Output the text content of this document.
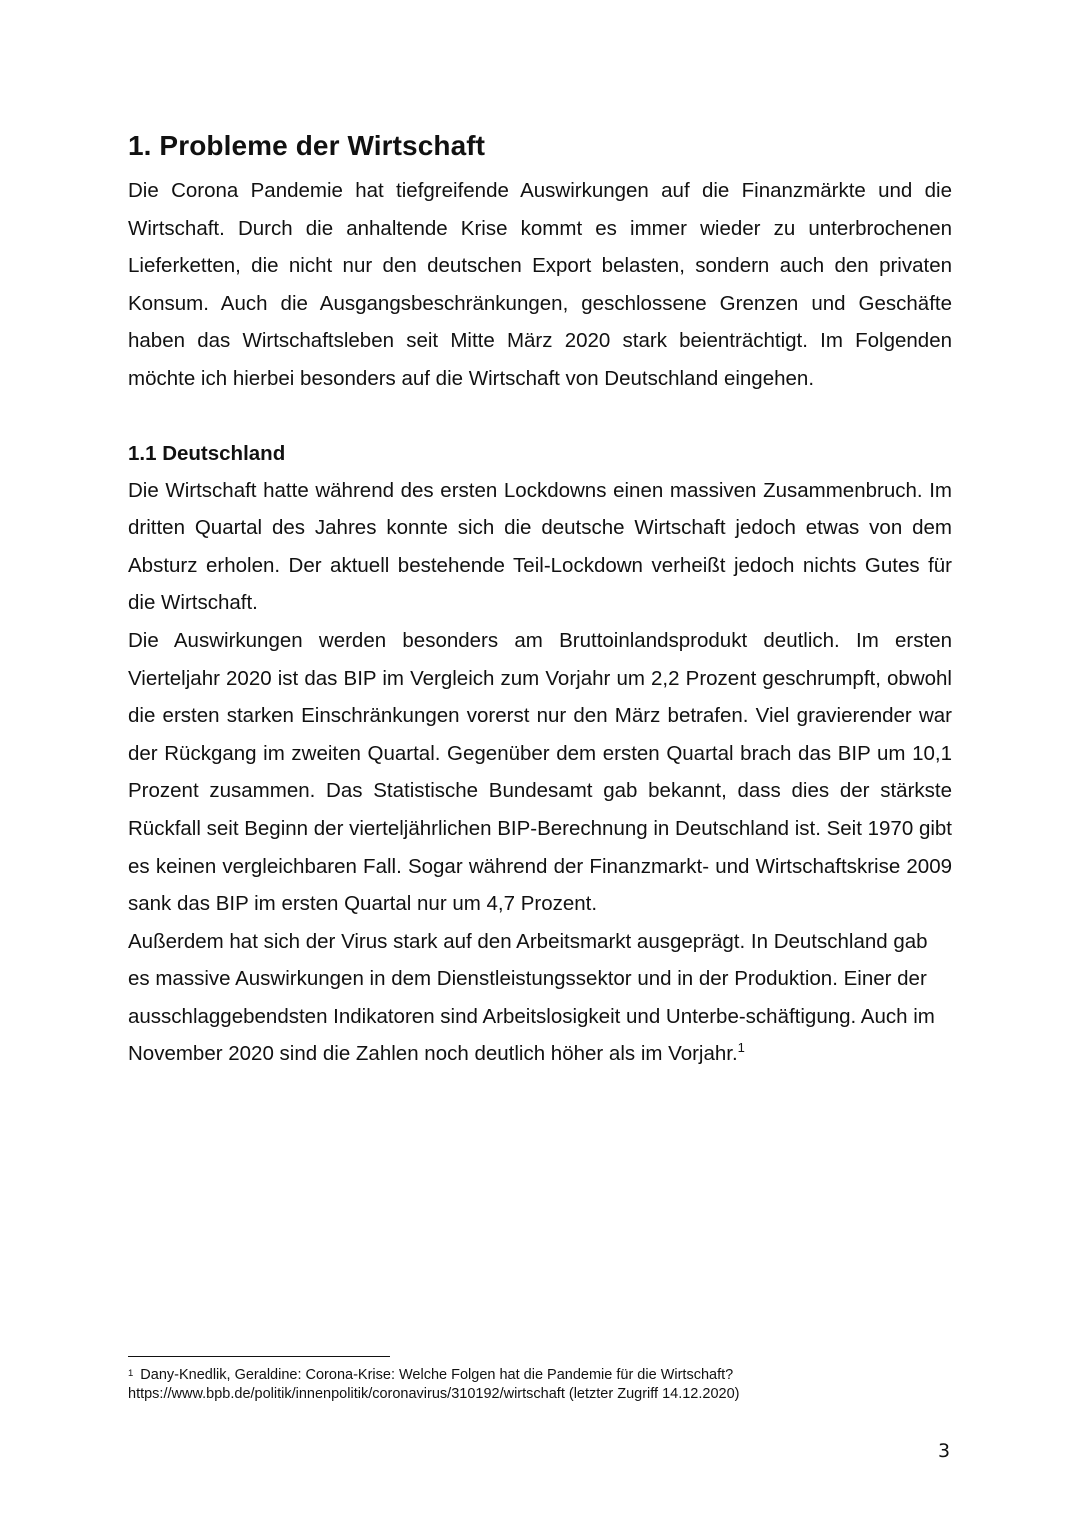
1. Probleme der Wirtschaft

Die Corona Pandemie hat tiefgreifende Auswirkungen auf die Finanzmärkte und die Wirtschaft. Durch die anhaltende Krise kommt es immer wieder zu unterbrochenen Lieferketten, die nicht nur den deutschen Export belasten, sondern auch den privaten Konsum. Auch die Ausgangsbeschränkungen, geschlossene Grenzen und Geschäfte haben das Wirtschaftsleben seit Mitte März 2020 stark beienträchtigt. Im Folgenden möchte ich hierbei besonders auf die Wirtschaft von Deutschland eingehen.

1.1 Deutschland

Die Wirtschaft hatte während des ersten Lockdowns einen massiven Zusammenbruch. Im dritten Quartal des Jahres konnte sich die deutsche Wirtschaft jedoch etwas von dem Absturz erholen. Der aktuell bestehende Teil-Lockdown verheißt jedoch nichts Gutes für die Wirtschaft.

Die Auswirkungen werden besonders am Bruttoinlandsprodukt deutlich. Im ersten Vierteljahr 2020 ist das BIP im Vergleich zum Vorjahr um 2,2 Prozent geschrumpft, obwohl die ersten starken Einschränkungen vorerst nur den März betrafen. Viel gravierender war der Rückgang im zweiten Quartal. Gegenüber dem ersten Quartal brach das BIP um 10,1 Prozent zusammen. Das Statistische Bundesamt gab bekannt, dass dies der stärkste Rückfall seit Beginn der vierteljährlichen BIP-Berechnung in Deutschland ist. Seit 1970 gibt es keinen vergleichbaren Fall. Sogar während der Finanzmarkt- und Wirtschaftskrise 2009 sank das BIP im ersten Quartal nur um 4,7 Prozent.

Außerdem hat sich der Virus stark auf den Arbeitsmarkt ausgeprägt. In Deutschland gab es massive Auswirkungen in dem Dienstleistungssektor und in der Produktion. Einer der ausschlaggebendsten Indikatoren sind Arbeitslosigkeit und Unterbe-schäftigung. Auch im November 2020 sind die Zahlen noch deutlich höher als im Vorjahr.$^1$

$^1$ Dany-Knedlik, Geraldine: Corona-Krise: Welche Folgen hat die Pandemie für die Wirtschaft?
https://www.bpb.de/politik/innenpolitik/coronavirus/310192/wirtschaft (letzter Zugriff 14.12.2020)
3
